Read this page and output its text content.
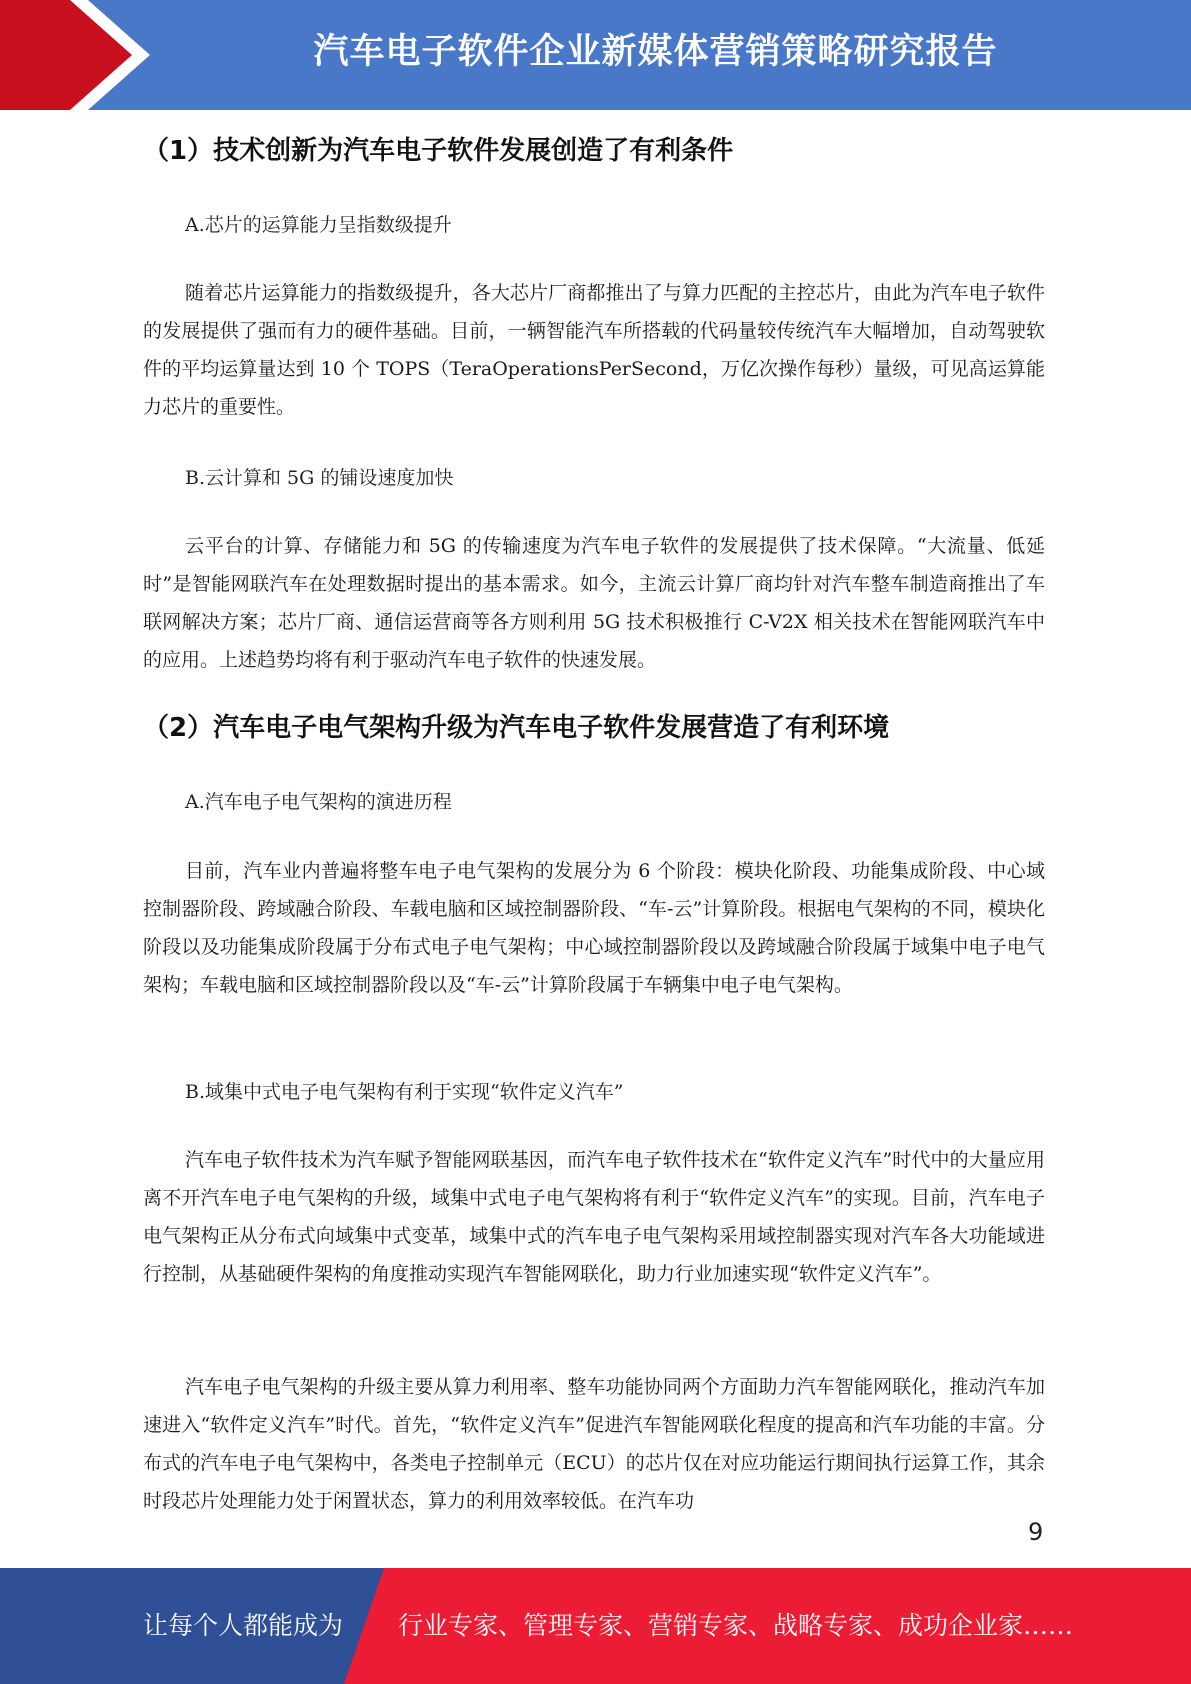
汽车电子软件企业新媒体营销策略研究报告
（1）技术创新为汽车电子软件发展创造了有利条件
A.芯片的运算能力呈指数级提升

随着芯片运算能力的指数级提升，各大芯片厂商都推出了与算力匹配的主控芯片，由此为汽车电子软件的发展提供了强而有力的硬件基础。目前，一辆智能汽车所搭载的代码量较传统汽车大幅增加，自动驾驶软件的平均运算量达到 10 个 TOPS（TeraOperationsPerSecond，万亿次操作每秒）量级，可见高运算能力芯片的重要性。

B.云计算和 5G 的铺设速度加快

云平台的计算、存储能力和 5G 的传输速度为汽车电子软件的发展提供了技术保障。“大流量、低延时”是智能网联汽车在处理数据时提出的基本需求。如今，主流云计算厂商均针对汽车整车制造商推出了车联网解决方案；芯片厂商、通信运营商等各方则利用 5G 技术积极推行 C-V2X 相关技术在智能网联汽车中的应用。上述趋势均将有利于驱动汽车电子软件的快速发展。

（2）汽车电子电气架构升级为汽车电子软件发展营造了有利环境
A.汽车电子电气架构的演进历程

目前，汽车业内普遍将整车电子电气架构的发展分为 6 个阶段：模块化阶段、功能集成阶段、中心域控制器阶段、跨域融合阶段、车载电脑和区域控制器阶段、“车-云”计算阶段。根据电气架构的不同，模块化阶段以及功能集成阶段属于分布式电子电气架构；中心域控制器阶段以及跨域融合阶段属于域集中电子电气架构；车载电脑和区域控制器阶段以及“车-云”计算阶段属于车辆集中电子电气架构。

B.域集中式电子电气架构有利于实现“软件定义汽车”

汽车电子软件技术为汽车赋予智能网联基因，而汽车电子软件技术在“软件定义汽车”时代中的大量应用离不开汽车电子电气架构的升级，域集中式电子电气架构将有利于“软件定义汽车”的实现。目前，汽车电子电气架构正从分布式向域集中式变革，域集中式的汽车电子电气架构采用域控制器实现对汽车各大功能域进行控制，从基础硬件架构的角度推动实现汽车智能网联化，助力行业加速实现“软件定义汽车”。

汽车电子电气架构的升级主要从算力利用率、整车功能协同两个方面助力汽车智能网联化，推动汽车加速进入“软件定义汽车”时代。首先，“软件定义汽车”促进汽车智能网联化程度的提高和汽车功能的丰富。分布式的汽车电子电气架构中，各类电子控制单元（ECU）的芯片仅在对应功能运行期间执行运算工作，其余时段芯片处理能力处于闲置状态，算力的利用效率较低。在汽车功

9
让每个人都能成为 行业专家、管理专家、营销专家、战略专家、成功企业家……
